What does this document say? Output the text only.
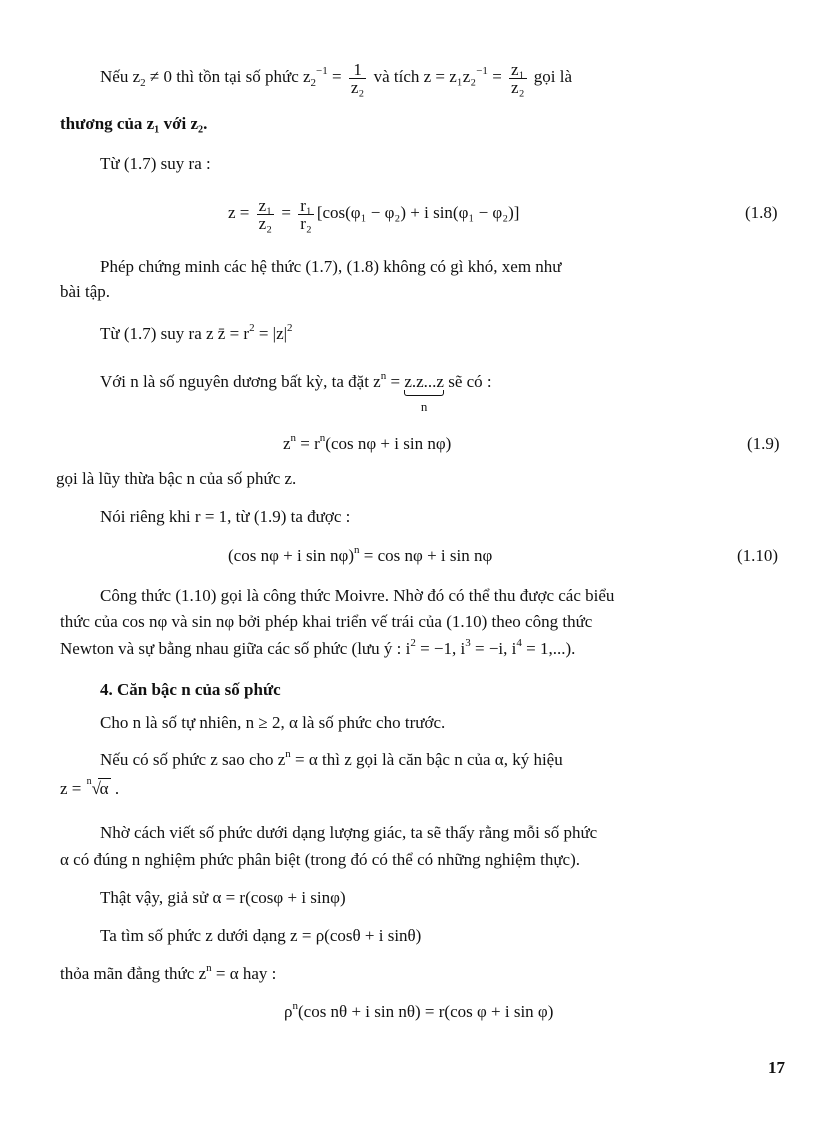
Nếu $z_2 \ne 0$ thì tồn tại số phức $z_2^{-1} = \frac{1}{\text{z₂}}$ và tích $z = z_1z_2^{-1} = \frac{\text{z₁}}{\text{z₂}}$ gọi là
thương của z₁ với z₂.
Từ (1.7) suy ra :
$z = \frac{\text{z₁}}{\text{z₂}} = \frac{\text{r₁}}{\text{r₂}} [\cos(\varphi_1 - \varphi_2) + i$ sin(φ₁ − φ₂)]	(1.8)
Phép chứng minh các hệ thức (1.7), (1.8) không có gì khó, xem như
bài tập.
Từ (1.7) suy ra z z̄ = $r^2 = |z|^2$
Với n là số nguyên dương bất kỳ, ta đặt $z^n = z.z...z$
n
sẽ có :
$z^n = r^n(\cos$ nφ + i sin nφ)	(1.9)
gọi là lũy thừa bậc n của số phức z.
Nói riêng khi r = 1, từ (1.9) ta được :
(cos nφ + i sin nφ)$^n$ = cos nφ + i sin nφ	(1.10)
Công thức (1.10) gọi là công thức Moivre. Nhờ đó có thể thu được các biểu
thức của cos nφ và sin nφ bởi phép khai triển vế trái của (1.10) theo công thức
Newton và sự bằng nhau giữa các số phức (lưu ý : $i^2 = -1$, $i^3 = -i$, $i^4 = 1$,...).
4. Căn bậc n của số phức
Cho n là số tự nhiên, n ≥ 2, α là số phức cho trước.
Nếu có số phức z sao cho $z^n = \alpha$ thì z gọi là căn bậc n của α, ký hiệu
z = n √
α .
Nhờ cách viết số phức dưới dạng lượng giác, ta sẽ thấy rằng mỗi số phức
α có đúng n nghiệm phức phân biệt (trong đó có thể có những nghiệm thực).
Thật vậy, giả sử α = r(cosφ + i sinφ)
Ta tìm số phức z dưới dạng z = ρ(cosθ + i sinθ)
thỏa mãn đẳng thức $z^n = \alpha$ hay :
$\rho^n(\cos$ nθ + i sin nθ) = r(cos φ + i sin φ)
17
